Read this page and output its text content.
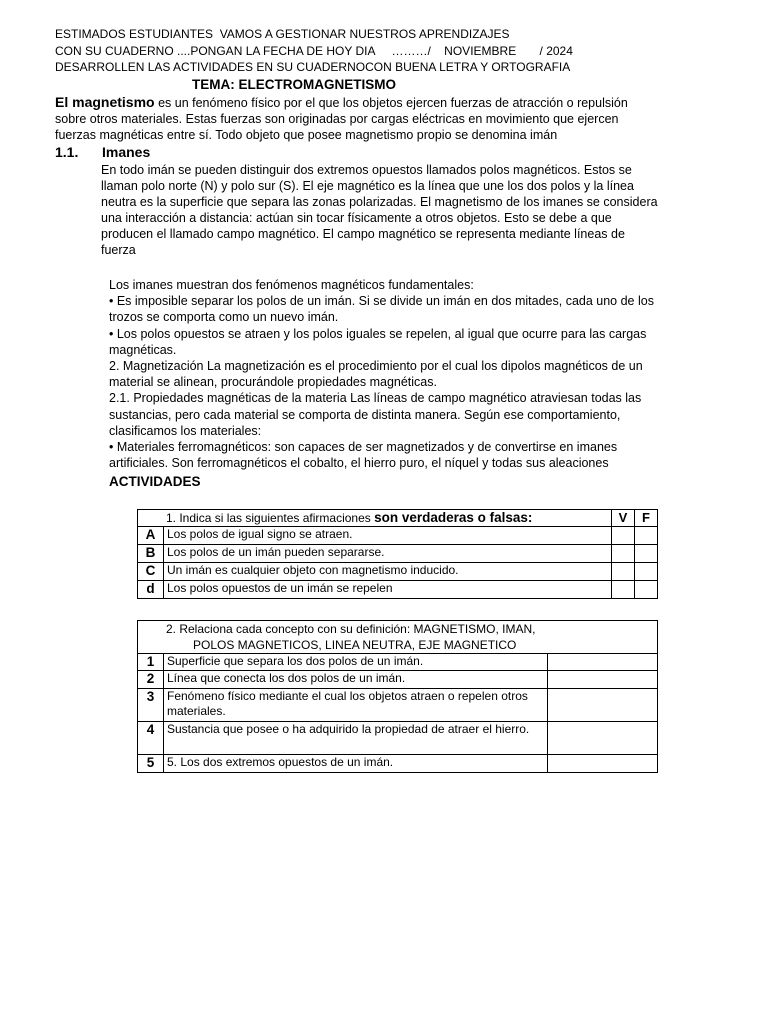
ESTIMADOS ESTUDIANTES  VAMOS A GESTIONAR NUESTROS APRENDIZAJES

CON SU CUADERNO ....PONGAN LA FECHA DE HOY DIA     ………/    NOVIEMBRE       / 2024

DESARROLLEN LAS ACTIVIDADES EN SU CUADERNOCON BUENA LETRA Y ORTOGRAFIA

TEMA: ELECTROMAGNETISMO

El magnetismo es un fenómeno físico por el que los objetos ejercen fuerzas de atracción o repulsión sobre otros materiales. Estas fuerzas son originadas por cargas eléctricas en movimiento que ejercen fuerzas magnéticas entre sí. Todo objeto que posee magnetismo propio se denomina imán

1.1. Imanes

En todo imán se pueden distinguir dos extremos opuestos llamados polos magnéticos. Estos se llaman polo norte (N) y polo sur (S). El eje magnético es la línea que une los dos polos y la línea neutra es la superficie que separa las zonas polarizadas. El magnetismo de los imanes se considera una interacción a distancia: actúan sin tocar físicamente a otros objetos. Esto se debe a que producen el llamado campo magnético. El campo magnético se representa mediante líneas de fuerza

Los imanes muestran dos fenómenos magnéticos fundamentales:
• Es imposible separar los polos de un imán. Si se divide un imán en dos mitades, cada uno de los trozos se comporta como un nuevo imán.
• Los polos opuestos se atraen y los polos iguales se repelen, al igual que ocurre para las cargas magnéticas.
2. Magnetización La magnetización es el procedimiento por el cual los dipolos magnéticos de un material se alinean, procurándole propiedades magnéticas.
2.1. Propiedades magnéticas de la materia Las líneas de campo magnético atraviesan todas las sustancias, pero cada material se comporta de distinta manera. Según ese comportamiento, clasificamos los materiales:
• Materiales ferromagnéticos: son capaces de ser magnetizados y de convertirse en imanes artificiales. Son ferromagnéticos el cobalto, el hierro puro, el níquel y todas sus aleaciones
ACTIVIDADES
1. Indica si las siguientes afirmaciones son verdaderas o falsas:		V	F
A	Los polos de igual signo se atraen.		
B	Los polos de un imán pueden separarse.		
C	Un imán es cualquier objeto con magnetismo inducido.		
d	Los polos opuestos de un imán se repelen		
2. Relaciona cada concepto con su definición: MAGNETISMO, IMAN,
POLOS MAGNETICOS, LINEA NEUTRA, EJE MAGNETICO		

1	Superficie que separa los dos polos de un imán.	
2	Línea que conecta los dos polos de un imán.	
3	Fenómeno físico mediante el cual los objetos atraen o repelen otros materiales.	
4	Sustancia que posee o ha adquirido la propiedad de atraer el hierro.	
5	5. Los dos extremos opuestos de un imán.	
